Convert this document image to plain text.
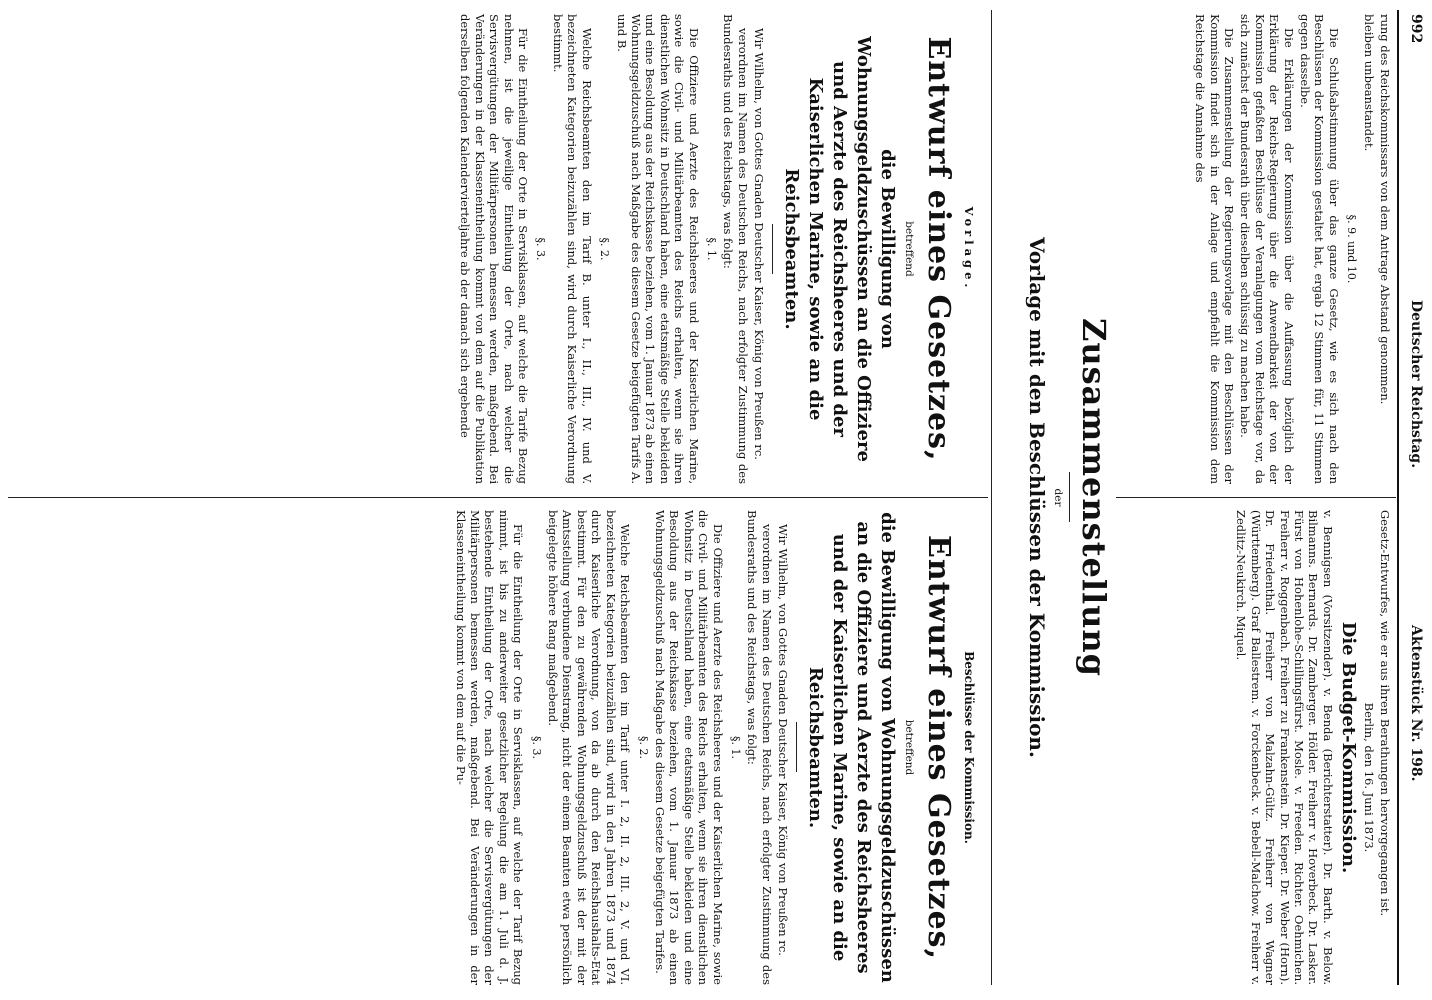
992
Deutscher Reichstag.
Aktenstück Nr. 198.

rung des Reichskommissars von dem Antrage Abstand genommen.

bleiben unbeanstandet.

§. 9. und 10.

Die Schlußabstimmung über das ganze Gesetz, wie es sich nach den Beschlüssen der Kommission gestaltet hat, ergab 12 Stimmen für, 11 Stimmen gegen dasselbe.

Die Erklärungen der Kommission über die Auffassung bezüglich der Erklärung der Reichs-Regierung über die Anwendbarkeit der von der Kommission gefaßten Beschlüsse der Veranlagungen vom Reichstage vor, da sich zunächst der Bundesrath über dieselben schlüssig zu machen habe.

Die Zusammenstellung der Regierungsvorlage mit den Beschlüssen der Kommission findet sich in der Anlage und empfiehlt die Kommission dem Reichstage die Annahme des

Gesetz-Entwurfes, wie er aus ihren Berathungen hervorgegangen ist.

Berlin, den 16. Juni 1873.

Die Budget-Kommission.

v. Bennigsen (Vorsitzender). v. Benda (Berichterstatter). Dr. Barth. v. Below. Bilmanns. Bernards. Dr. Zamberger. Hölder. Freiherr v. Hoverbeck. Dr. Lasker. Fürst von Hohenlohe-Schillingsfürst. Mosle. v. Freeden. Richter. Oehmichen. Freiherr v. Roggenbach. Freiherr zu Frankenstein. Dr. Kieper. Dr. Weber (Horn). Dr. Friedenthal. Freiherr von Malzahn-Gültz. Freiherr von Wagner (Württemberg). Graf Ballestrem. v. Forckenbeck. v. Bebell-Malchow. Freiherr v. Zedlitz-Neukirch. Miquel.

Zusammenstellung
der
Vorlage mit den Beschlüssen der Kommission.

Vorlage.

Entwurf eines Gesetzes,

betreffend

die Bewilligung von Wohnungsgeldzuschüssen an die Offiziere und Aerzte des Reichsheeres und der Kaiserlichen Marine, sowie an die Reichsbeamten.

Wir Wilhelm, von Gottes Gnaden Deutscher Kaiser, König von Preußen rc.

verordnen im Namen des Deutschen Reichs, nach erfolgter Zustimmung des Bundesraths und des Reichstags, was folgt:

§. 1.

Die Offiziere und Aerzte des Reichsheeres und der Kaiserlichen Marine, sowie die Civil- und Militärbeamten des Reichs erhalten, wenn sie ihren dienstlichen Wohnsitz in Deutschland haben, eine etatsmäßige Stelle bekleiden und eine Besoldung aus der Reichskasse beziehen, vom 1. Januar 1873 ab einen Wohnungsgeldzuschuß nach Maßgabe des diesem Gesetze beigefügten Tarifs A. und B.

§. 2.

Welche Reichsbeamten den im Tarif B. unter I., II., III., IV. und V. bezeichneten Kategorien beizuzählen sind, wird durch Kaiserliche Verordnung bestimmt.

§. 3.

Für die Eintheilung der Orte in Servisklassen, auf welche die Tarife Bezug nehmen, ist die jeweilige Eintheilung der Orte, nach welcher die Servisvergütungen der Militärpersonen bemessen werden, maßgebend. Bei Veränderungen in der Klasseneintheilung kommt von dem auf die Publikation derselben folgenden Kalendervierteljahre ab der danach sich ergebende

Beschlüsse der Kommission.

Entwurf eines Gesetzes,

betreffend

die Bewilligung von Wohnungsgeldzuschüssen an die Offiziere und Aerzte des Reichsheeres und der Kaiserlichen Marine, sowie an die Reichsbeamten.

Wir Wilhelm, von Gottes Gnaden Deutscher Kaiser, König von Preußen rc.

verordnen im Namen des Deutschen Reichs, nach erfolgter Zustimmung des Bundesraths und des Reichstags, was folgt:

§. 1.

Die Offiziere und Aerzte des Reichsheeres und der Kaiserlichen Marine, sowie die Civil- und Militärbeamten des Reichs erhalten, wenn sie ihren dienstlichen Wohnsitz in Deutschland haben, eine etatsmäßige Stelle bekleiden und eine Besoldung aus der Reichskasse beziehen, vom 1. Januar 1873 ab einen Wohnungsgeldzuschuß nach Maßgabe des diesem Gesetze beigefügten Tarifes.

§. 2.

Welche Reichsbeamten den im Tarif unter I. 2, II. 2, III. 2, V. und VI. bezeichneten Kategorien beizuzählen sind, wird in den Jahren 1873 und 1874 durch Kaiserliche Verordnung, von da ab durch den Reichshaushalts-Etat bestimmt. Für den zu gewährenden Wohnungsgeldzuschuß ist der mit der Amtsstellung verbundene Dienstrang, nicht der einem Beamten etwa persönlich beigelegte höhere Rang maßgebend.

§. 3.

Für die Eintheilung der Orte in Servisklassen, auf welche der Tarif Bezug nimmt, ist bis zu anderweiter gesetzlicher Regelung die am 1. Juli d. J. bestehende Eintheilung der Orte, nach welcher die Servisvergütungen der Militärpersonen bemessen werden, maßgebend. Bei Veränderungen in der Klasseneintheilung kommt von dem auf die Pu-
